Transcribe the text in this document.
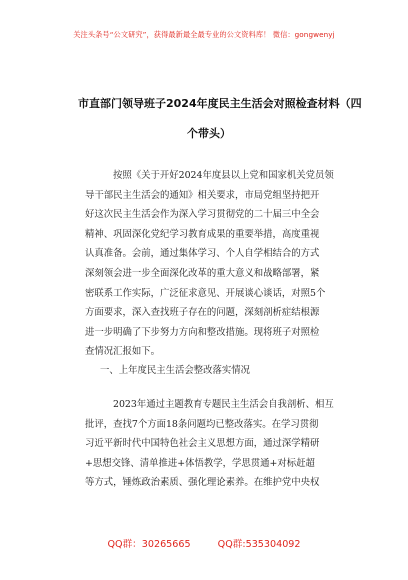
关注头条号“公文研究”，获得最新最全最专业的公文资料库！ 微信：gongwenyj
市直部门领导班子2024年度民主生活会对照检查材料（四
个带头）
按照《关于开好2024年度县以上党和国家机关党员领
导干部民主生活会的通知》相关要求，市局党组坚持把开
好这次民主生活会作为深入学习贯彻党的二十届三中全会
精神、巩固深化党纪学习教育成果的重要举措，高度重视
认真准备。会前，通过集体学习、个人自学相结合的方式
深刻领会进一步全面深化改革的重大意义和战略部署，紧
密联系工作实际，广泛征求意见、开展谈心谈话，对照5个
方面要求，深入查找班子存在的问题，深刻剖析症结根源
进一步明确了下步努力方向和整改措施。现将班子对照检
查情况汇报如下。
一、上年度民主生活会整改落实情况
2023年通过主题教育专题民主生活会自我剖析、相互
批评，查找7个方面18条问题均已整改落实。在学习贯彻
习近平新时代中国特色社会主义思想方面，通过深学精研
+思想交锋、清单推进+体悟教学，学思贯通+对标赶超
等方式，锤炼政治素质、强化理论素养。在维护党中央权
QQ群：30265665	QQ群:535304092
